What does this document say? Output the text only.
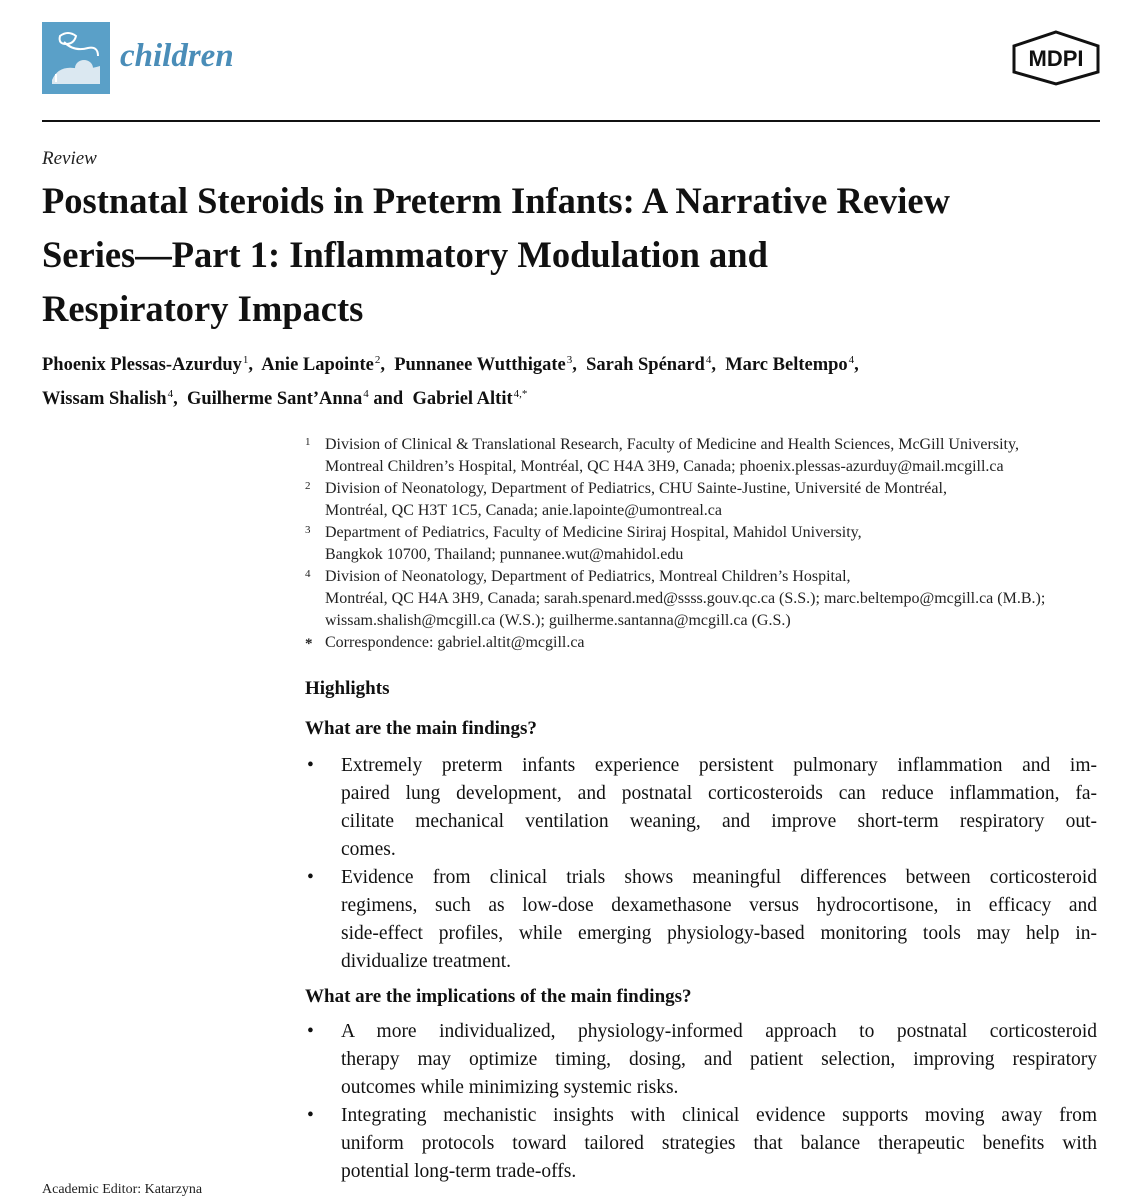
children	MDPI
Review
Postnatal Steroids in Preterm Infants: A Narrative Review
Series—Part 1: Inflammatory Modulation and
Respiratory Impacts

Phoenix Plessas-Azurduy$^1$,  Anie Lapointe$^2$,  Punnanee Wutthigate$^3$,  Sarah Spénard$^4$,  Marc Beltempo$^4$,
Wissam Shalish$^4$,  Guilherme Sant’Anna$^4$ and  Gabriel Altit$^{4,*}$

1 Division of Clinical & Translational Research, Faculty of Medicine and Health Sciences, McGill University,
Montreal Children’s Hospital, Montréal, QC H4A 3H9, Canada; phoenix.plessas-azurduy@mail.mcgill.ca
2 Division of Neonatology, Department of Pediatrics, CHU Sainte-Justine, Université de Montréal,
Montréal, QC H3T 1C5, Canada; anie.lapointe@umontreal.ca
3 Department of Pediatrics, Faculty of Medicine Siriraj Hospital, Mahidol University,
Bangkok 10700, Thailand; punnanee.wut@mahidol.edu
4 Division of Neonatology, Department of Pediatrics, Montreal Children’s Hospital,
Montréal, QC H4A 3H9, Canada; sarah.spenard.med@ssss.gouv.qc.ca (S.S.); marc.beltempo@mcgill.ca (M.B.);
wissam.shalish@mcgill.ca (W.S.); guilherme.santanna@mcgill.ca (G.S.)
* Correspondence: gabriel.altit@mcgill.ca
Highlights
What are the main findings?
• Extremely preterm infants experience persistent pulmonary inflammation and im-
paired lung development, and postnatal corticosteroids can reduce inflammation, fa-
cilitate mechanical ventilation weaning, and improve short-term respiratory out-
comes.
• Evidence from clinical trials shows meaningful differences between corticosteroid
regimens, such as low-dose dexamethasone versus hydrocortisone, in efficacy and
side-effect profiles, while emerging physiology-based monitoring tools may help in-
dividualize treatment.
What are the implications of the main findings?
• A more individualized, physiology-informed approach to postnatal corticosteroid
therapy may optimize timing, dosing, and patient selection, improving respiratory
outcomes while minimizing systemic risks.
• Integrating mechanistic insights with clinical evidence supports moving away from
uniform protocols toward tailored strategies that balance therapeutic benefits with
potential long-term trade-offs.
Academic Editor: Katarzyna
